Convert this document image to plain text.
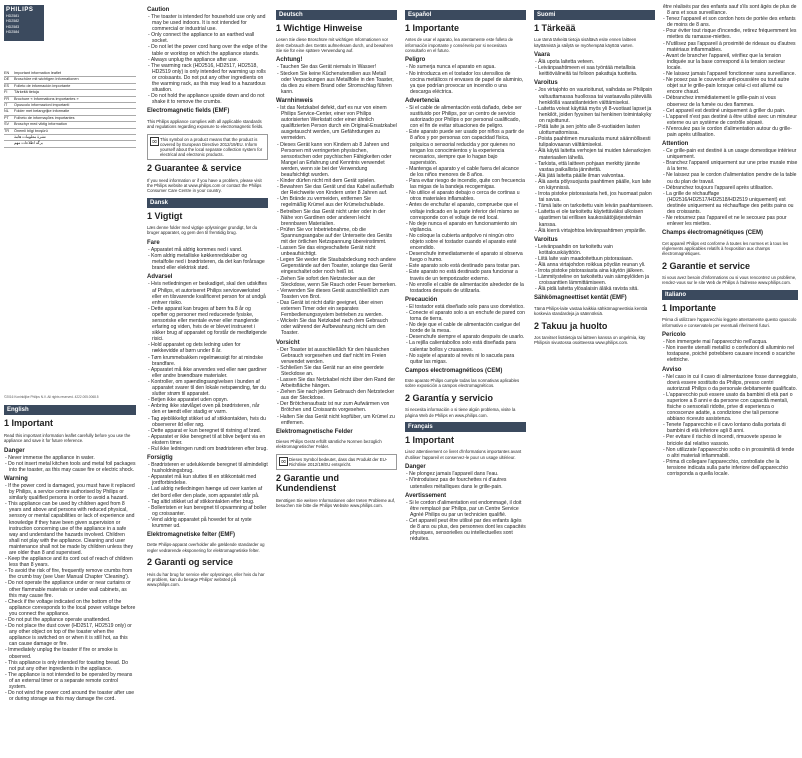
PHILIPS
HD2581
HD2582
HD2583
HD2584
EN	Important information leaflet
DE	Broschüre mit wichtigen Informationen
ES	Folleto de información importante
FI	Tärkeitä tietoja
FR	Brochure « Informations importantes »
IT	Opuscolo informazioni importanti
NL	Folder met belangrijke informatie
PT	Folheto de informações importantes
SV	Broschyr med viktig information
TR	Önemli bilgi broşürü
نشرة معلومات هامة
برگه اطلاعات مهم
©2016 Koninklijke Philips N.V. All rights reserved. 4222.005.0068.5
English
1 Important

Read this important information leaflet carefully before you use the appliance and save it for future reference.

Danger

- Never immerse the appliance in water.

- Do not insert metal kitchen tools and metal foil packages into the toaster, as this may cause fire or electric shock.

Warning

- If the power cord is damaged, you must have it replaced by Philips, a service centre authorised by Philips or similarly qualified persons in order to avoid a hazard.

- This appliance can be used by children aged from 8 years and above and persons with reduced physical, sensory or mental capabilities or lack of experience and knowledge if they have been given supervision or instruction concerning use of the appliance in a safe way and understand the hazards involved. Children shall not play with the appliance. Cleaning and user maintenance shall not be made by children unless they are older than 8 and supervised.

- Keep the appliance and its cord out of reach of children less than 8 years.

- To avoid the risk of fire, frequently remove crumbs from the crumb tray (see User Manual Chapter 'Cleaning').

- Do not operate the appliance under or near curtains or other flammable materials or under wall cabinets, as this may cause fire.

- Check if the voltage indicated on the bottom of the appliance corresponds to the local power voltage before you connect the appliance.

- Do not put the appliance operate unattended.

- Do not place the dust cover (HD2517, HD2519 only) or any other object on top of the toaster when the appliance is switched on or when it is still hot, as this can cause damage or fire.

- Immediately unplug the toaster if fire or smoke is observed.

- This appliance is only intended for toasting bread. Do not put any other ingredients in the appliance.

- The appliance is not intended to be operated by means of an external timer or a separate remote control system.

- Do not wind the power cord around the toaster after use or during storage as this may damage the cord.

Caution

- The toaster is intended for household use only and may be used indoors. It is not intended for commercial or industrial use.

- Only connect the appliance to an earthed wall socket.

- Do not let the power cord hang over the edge of the table or worktop on which the appliance stands.

- Always unplug the appliance after use.

- The warming rack (HD2516, HD2517, HD2518, HD2519 only) is only intended for warming up rolls or croissants. Do not put any other ingredients on the warming rack, as this may lead to a hazardous situation.

- Do not hold the appliance upside down and do not shake it to remove the crumbs.

Electromagnetic fields (EMF)

This Philips appliance complies with all applicable standards and regulations regarding exposure to electromagnetic fields.

⌧ This symbol on a product means that the product is covered by European Directive 2012/19/EU. Inform yourself about the local separate collection system for electrical and electronic products.
2 Guarantee & service

If you need information or if you have a problem, please visit the Philips website at www.philips.com or contact the Philips Consumer Care Centre in your country.

Dansk
1 Vigtigt

Læs denne folder med vigtige oplysninger grundigt, før du bruger apparatet, og gem den til fremtidig brug.

Fare

- Apparatet må aldrig kommes ned i vand.

- Kom aldrig metalliske køkkenredskaber og metalfolie ned i brødristeren, da det kan forårsage brand eller elektrisk stød.

Advarsel

- Hvis netledningen er beskadiget, skal den udskiftes af Philips, et autoriseret Philips serviceværksted eller en tilsvarende kvalificeret person for at undgå enhver risiko.

- Dette apparat kan bruges af børn fra 8 år og opefter og personer med reducerede fysiske, sensoriske eller mentale evner eller manglende erfaring og viden, hvis de er blevet instrueret i sikker brug af apparatet og forstår de medfølgende risici.

- Hold apparatet og dets ledning uden for rækkevidde af børn under 8 år.

- Tøm krummebakken regelmæssigt for at mindske brandfare.

- Apparatet må ikke anvendes ved eller nær gardiner eller andre brændbare materialer.

- Kontroller, om spændingsangivelsen i bunden af apparatet svarer til den lokale netspænding, før du slutter strøm til apparatet.

- Betjen ikke apparatet uden opsyn.

- Anbring ikke støvlåget oven på brødristeren, når den er tændt eller stadig er varm.

- Tag øjeblikkeligt stikket ud af stikkontakten, hvis du observerer ild eller røg.

- Dette apparat er kun beregnet til ristning af brød.

- Apparatet er ikke beregnet til at blive betjent via en ekstern timer.

- Rul ikke ledningen rundt om brødristeren efter brug.

Forsigtig

- Brødristeren er udelukkende beregnet til almindeligt husholdningsbrug.

- Apparatet må kun sluttes til en stikkontakt med jordforbindelse.

- Lad aldrig netledningen hænge ud over kanten af det bord eller den plade, som apparatet står på.

- Tag altid stikket ud af stikkontakten efter brug.

- Bollerristen er kun beregnet til opvarmning af boller og croissanter.

- Vend aldrig apparatet på hovedet for at ryste krummer ud.

Elektromagnetiske felter (EMF)

Dette Philips-apparat overholder alle gældende standarder og regler vedrørende eksponering for elektromagnetiske felter.

2 Garanti og service

Hvis du har brug for service eller oplysninger, eller hvis du har et problem, kan du besøge Philips' websted på www.philips.com.

Deutsch
1 Wichtige Hinweise

Lesen Sie diese Broschüre mit wichtigen Informationen vor dem Gebrauch des Geräts aufmerksam durch, und bewahren Sie sie für eine spätere Verwendung auf.

Achtung!

- Tauchen Sie das Gerät niemals in Wasser!

- Stecken Sie keine Küchenutensilien aus Metall oder Verpackungen aus Metallfolie in den Toaster, da dies zu einem Brand oder Stromschlag führen kann.

Warnhinweis

- Ist das Netzkabel defekt, darf es nur von einem Philips Service-Center, einer von Philips autorisierten Werkstatt oder einer ähnlich qualifizierten Person durch ein Original-Ersatzkabel ausgetauscht werden, um Gefährdungen zu vermeiden.

- Dieses Gerät kann von Kindern ab 8 Jahren und Personen mit verringerten physischen, sensorischen oder psychischen Fähigkeiten oder Mangel an Erfahrung und Kenntnis verwendet werden, wenn sie bei der Verwendung beaufsichtigt wurden.

- Kinder dürfen nicht mit dem Gerät spielen.

- Bewahren Sie das Gerät und das Kabel außerhalb der Reichweite von Kindern unter 8 Jahren auf.

- Um Brände zu vermeiden, entfernen Sie regelmäßig Krümel aus der Krümelschublade.

- Betreiben Sie das Gerät nicht unter oder in der Nähe von Gardinen oder anderen leicht brennbaren Materialien.

- Prüfen Sie vor Inbetriebnahme, ob die Spannungsangabe auf der Unterseite des Geräts mit der örtlichen Netzspannung übereinstimmt.

- Lassen Sie das eingeschaltete Gerät nicht unbeaufsichtigt.

- Legen Sie weder die Staubabdeckung noch andere Gegenstände auf den Toaster, solange das Gerät eingeschaltet oder noch heiß ist.

- Ziehen Sie sofort den Netzstecker aus der Steckdose, wenn Sie Rauch oder Feuer bemerken.

- Verwenden Sie dieses Gerät ausschließlich zum Toasten von Brot.

- Das Gerät ist nicht dafür geeignet, über einen externen Timer oder ein separates Fernbedienungssystem betrieben zu werden.

- Wickeln Sie das Netzkabel nach dem Gebrauch oder während der Aufbewahrung nicht um den Toaster.

Vorsicht

- Der Toaster ist ausschließlich für den häuslichen Gebrauch vorgesehen und darf nicht im Freien verwendet werden.

- Schließen Sie das Gerät nur an eine geerdete Steckdose an.

- Lassen Sie das Netzkabel nicht über den Rand der Arbeitsfläche hängen.

- Ziehen Sie nach jedem Gebrauch den Netzstecker aus der Steckdose.

- Der Brötchenaufsatz ist nur zum Aufwärmen von Brötchen und Croissants vorgesehen.

- Halten Sie das Gerät nicht kopfüber, um Krümel zu entfernen.

Elektromagnetische Felder

Dieses Philips Gerät erfüllt sämtliche Normen bezüglich elektromagnetischer Felder.

⌧ Dieses Symbol bedeutet, dass das Produkt der EU-Richtlinie 2012/19/EU entspricht.
2 Garantie und Kundendienst

Benötigen Sie weitere Informationen oder treten Probleme auf, besuchen Sie bitte die Philips Website www.philips.com.

Español
1 Importante

Antes de usar el aparato, lea atentamente este folleto de información importante y consérvelo por si necesitara consultarlo en el futuro.

Peligro

- No sumerja nunca el aparato en agua.

- No introduzca en el tostador los utensilios de cocina metálicos ni envases de papel de aluminio, ya que podrían provocar un incendio o una descarga eléctrica.

Advertencia

- Si el cable de alimentación está dañado, debe ser sustituido por Philips, por un centro de servicio autorizado por Philips o por personal cualificado, con el fin de evitar situaciones de peligro.

- Este aparato puede ser usado por niños a partir de 8 años y por personas con capacidad física, psíquica o sensorial reducida y por quienes no tengan los conocimientos y la experiencia necesarios, siempre que lo hagan bajo supervisión.

- Mantenga el aparato y el cable fuera del alcance de los niños menores de 8 años.

- Para evitar riesgo de incendio, quite con frecuencia las migas de la bandeja recogemigas.

- No utilice el aparato debajo o cerca de cortinas u otros materiales inflamables.

- Antes de enchufar el aparato, compruebe que el voltaje indicado en la parte inferior del mismo se corresponde con el voltaje de red local.

- No deje nunca el aparato en funcionamiento sin vigilancia.

- No coloque la cubierta antipolvo ni ningún otro objeto sobre el tostador cuando el aparato esté encendido.

- Desenchufe inmediatamente el aparato si observa fuego o humo.

- Este aparato solo está destinado para tostar pan.

- Este aparato no está destinado para funcionar a través de un temporizador externo.

- No enrolle el cable de alimentación alrededor de la tostadora después de utilizarla.

Precaución

- El tostador está diseñado solo para uso doméstico.

- Conecte el aparato solo a un enchufe de pared con toma de tierra.

- No deje que el cable de alimentación cuelgue del borde de la mesa.

- Desenchufe siempre el aparato después de usarlo.

- La rejilla calientabollos solo está diseñada para calentar bollos y cruasanes.

- No sujete el aparato al revés ni lo sacuda para quitar las migas.

Campos electromagnéticos (CEM)

Este aparato Philips cumple todas las normativas aplicables sobre exposición a campos electromagnéticos.

2 Garantía y servicio

Si necesita información o si tiene algún problema, visite la página Web de Philips en www.philips.com.

Français
1 Important

Lisez attentivement ce livret d'informations importantes avant d'utiliser l'appareil et conservez-le pour un usage ultérieur.

Danger

- Ne plongez jamais l'appareil dans l'eau.

- N'introduisez pas de fourchettes ni d'autres ustensiles métalliques dans le grille-pain.

Avertissement

- Si le cordon d'alimentation est endommagé, il doit être remplacé par Philips, par un Centre Service Agréé Philips ou par un technicien qualifié.

- Cet appareil peut être utilisé par des enfants âgés de 8 ans ou plus, des personnes dont les capacités physiques, sensorielles ou intellectuelles sont réduites.

Suomi
1 Tärkeää

Lue tämä tärkeitä tietoja sisältävä esite ennen laitteen käyttämistä ja säilytä se myöhempää käyttöä varten.

Vaara

- Älä upota laitetta veteen.

- Leivänpaahtimeen ei saa työntää metallisia keittiövälineitä tai folioon pakattuja tuotteita.

Varoitus

- Jos virtajohto on vaurioitunut, vaihdata se Philipsin valtuuttamassa huollossa tai vastaavalla pätevällä henkilöllä vaaratilanteiden välttämiseksi.

- Laitetta voivat käyttää myös yli 8-vuotiaat lapset ja henkilöt, joiden fyysinen tai henkinen toimintakyky on rajoittunut.

- Pidä laite ja sen johto alle 8-vuotiaiden lasten ulottumattomissa.

- Poista paahtimen murualusta murut säännöllisesti tulipalovaaran välttämiseksi.

- Älä käytä laitetta verhojen tai muiden tulenarkojen materiaalien lähellä.

- Tarkista, että laitteen pohjaan merkitty jännite vastaa paikallista jännitettä.

- Älä jätä laitetta päälle ilman valvontaa.

- Älä aseta pölysuojusta paahtimen päälle, kun laite on käynnissä.

- Irrota pistoke pistorasiasta heti, jos huomaat palon tai savua.

- Tämä laite on tarkoitettu vain leivän paahtamiseen.

- Laitetta ei ole tarkoitettu käytettäväksi ulkoisen ajastimen tai erillisen kaukosäätöjärjestelmän kanssa.

- Älä kierrä virtajohtoa leivänpaahtimen ympärille.

Varoitus

- Leivänpaahdin on tarkoitettu vain kotitalouskäyttöön.

- Liitä laite vain maadoitettuun pistorasiaan.

- Älä anna virtajohdon roikkua pöydän reunan yli.

- Irrota pistoke pistorasiasta aina käytön jälkeen.

- Lämmitysteline on tarkoitettu vain sämpylöiden ja croissanttien lämmittämiseen.

- Älä pidä laitetta ylösalaisin äläkä ravista sitä.

Sähkömagneettiset kentät (EMF)

Tämä Philips-laite vastaa kaikkia sähkömagneettisia kenttiä koskevia standardeja ja säännöksiä.

2 Takuu ja huolto

Jos tarvitset lisätietoja tai laitteen kanssa on ongelmia, käy Philipsin sivustossa osoitteessa www.philips.com.

être réalisés par des enfants sauf s'ils sont âgés de plus de 8 ans et sous surveillance.

- Tenez l'appareil et son cordon hors de portée des enfants de moins de 8 ans.

- Pour éviter tout risque d'incendie, retirez fréquemment les miettes du ramasse-miettes.

- N'utilisez pas l'appareil à proximité de rideaux ou d'autres matériaux inflammables.

- Avant de brancher l'appareil, vérifiez que la tension indiquée sur la base correspond à la tension secteur locale.

- Ne laissez jamais l'appareil fonctionner sans surveillance.

- Ne posez pas le couvercle anti-poussière ou tout autre objet sur le grille-pain lorsque celui-ci est allumé ou encore chaud.

- Débranchez immédiatement le grille-pain si vous observez de la fumée ou des flammes.

- Cet appareil est destiné uniquement à griller du pain.

- L'appareil n'est pas destiné à être utilisé avec un minuteur externe ou un système de contrôle séparé.

- N'enroulez pas le cordon d'alimentation autour du grille-pain après utilisation.

Attention

- Ce grille-pain est destiné à un usage domestique intérieur uniquement.

- Branchez l'appareil uniquement sur une prise murale mise à la terre.

- Ne laissez pas le cordon d'alimentation pendre de la table ou du plan de travail.

- Débranchez toujours l'appareil après utilisation.

- La grille de réchauffage (HD2516/HD2517/HD2518/HD2519 uniquement) est destinée uniquement au réchauffage des petits pains ou des croissants.

- Ne retournez pas l'appareil et ne le secouez pas pour enlever les miettes.

Champs électromagnétiques (CEM)

Cet appareil Philips est conforme à toutes les normes et à tous les règlements applicables relatifs à l'exposition aux champs électromagnétiques.

2 Garantie et service

Si vous avez besoin d'informations ou si vous rencontrez un problème, rendez-vous sur le site Web de Philips à l'adresse www.philips.com.

Italiano
1 Importante

Prima di utilizzare l'apparecchio leggete attentamente questo opuscolo informativo e conservatelo per eventuali riferimenti futuri.

Pericolo

- Non immergete mai l'apparecchio nell'acqua.

- Non inserite utensili metallici o confezioni di alluminio nel tostapane, poiché potrebbero causare incendi o scariche elettriche.

Avviso

- Nel caso in cui il cavo di alimentazione fosse danneggiato, dovrà essere sostituito da Philips, presso centri autorizzati Philips o da personale debitamente qualificato.

- L'apparecchio può essere usato da bambini di età pari o superiore a 8 anni e da persone con capacità mentali, fisiche o sensoriali ridotte, prive di esperienza o conoscenze adatte, a condizione che tali persone abbiano ricevuto assistenza.

- Tenete l'apparecchio e il cavo lontano dalla portata di bambini di età inferiore agli 8 anni.

- Per evitare il rischio di incendi, rimuovete spesso le briciole dal relativo vassoio.

- Non utilizzate l'apparecchio sotto o in prossimità di tende o altri materiali infiammabili.

- Prima di collegare l'apparecchio, controllate che la tensione indicata sulla parte inferiore dell'apparecchio corrisponda a quella locale.
